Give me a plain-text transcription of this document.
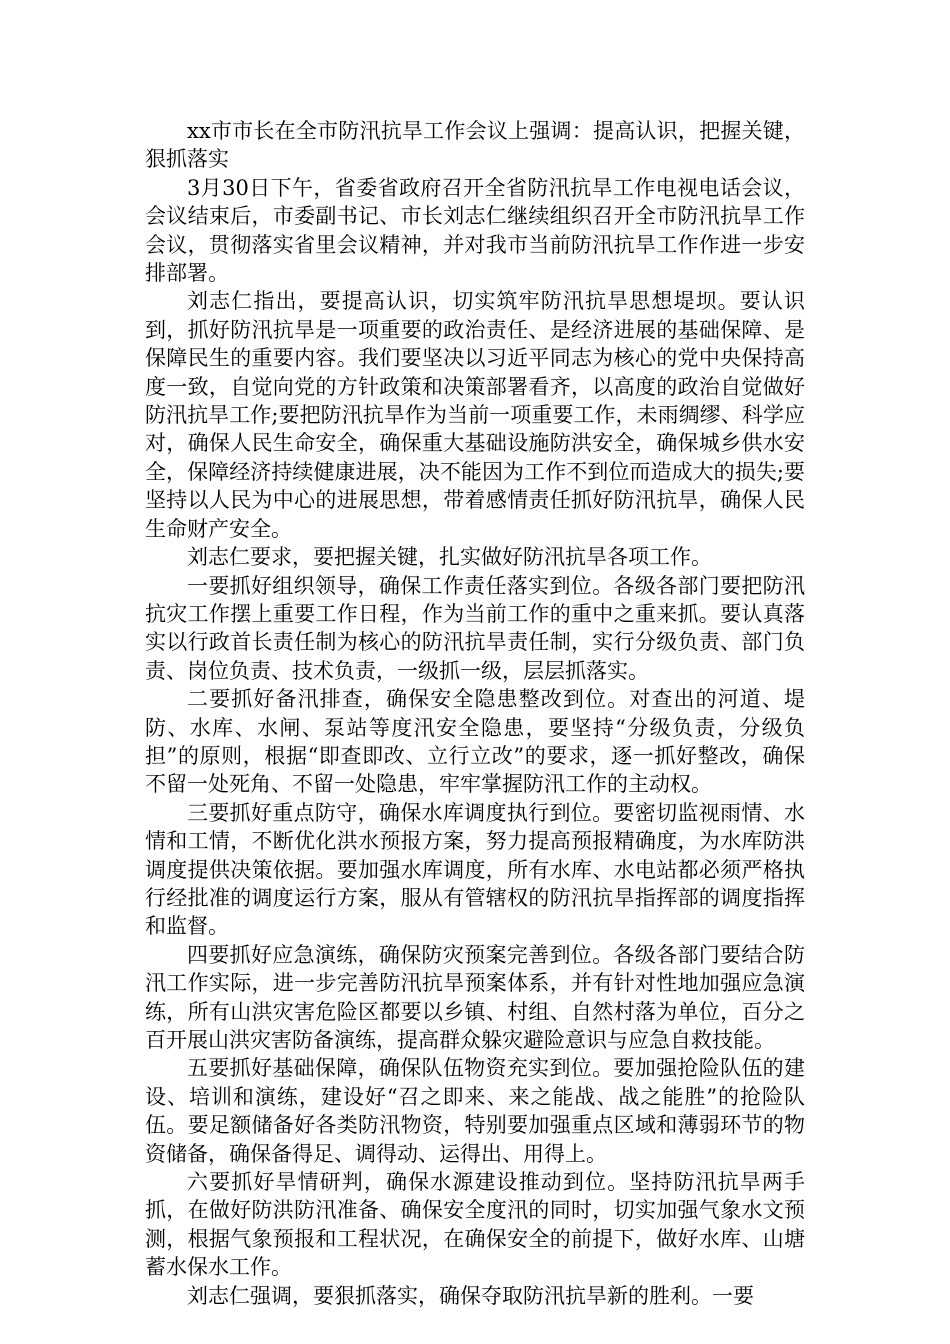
xx市市长在全市防汛抗旱工作会议上强调：提高认识，把握关键，狠抓落实

3月30日下午，省委省政府召开全省防汛抗旱工作电视电话会议，会议结束后，市委副书记、市长刘志仁继续组织召开全市防汛抗旱工作会议，贯彻落实省里会议精神，并对我市当前防汛抗旱工作作进一步安排部署。

刘志仁指出，要提高认识，切实筑牢防汛抗旱思想堤坝。要认识到，抓好防汛抗旱是一项重要的政治责任、是经济进展的基础保障、是保障民生的重要内容。我们要坚决以习近平同志为核心的党中央保持高度一致，自觉向党的方针政策和决策部署看齐，以高度的政治自觉做好防汛抗旱工作;要把防汛抗旱作为当前一项重要工作，未雨绸缪、科学应对，确保人民生命安全，确保重大基础设施防洪安全，确保城乡供水安全，保障经济持续健康进展，决不能因为工作不到位而造成大的损失;要坚持以人民为中心的进展思想，带着感情责任抓好防汛抗旱，确保人民生命财产安全。

刘志仁要求，要把握关键，扎实做好防汛抗旱各项工作。

一要抓好组织领导，确保工作责任落实到位。各级各部门要把防汛抗灾工作摆上重要工作日程，作为当前工作的重中之重来抓。要认真落实以行政首长责任制为核心的防汛抗旱责任制，实行分级负责、部门负责、岗位负责、技术负责，一级抓一级，层层抓落实。

二要抓好备汛排查，确保安全隐患整改到位。对查出的河道、堤防、水库、水闸、泵站等度汛安全隐患，要坚持“分级负责，分级负担”的原则，根据“即查即改、立行立改”的要求，逐一抓好整改，确保不留一处死角、不留一处隐患，牢牢掌握防汛工作的主动权。

三要抓好重点防守，确保水库调度执行到位。要密切监视雨情、水情和工情，不断优化洪水预报方案，努力提高预报精确度，为水库防洪调度提供决策依据。要加强水库调度，所有水库、水电站都必须严格执行经批准的调度运行方案，服从有管辖权的防汛抗旱指挥部的调度指挥和监督。

四要抓好应急演练，确保防灾预案完善到位。各级各部门要结合防汛工作实际，进一步完善防汛抗旱预案体系，并有针对性地加强应急演练，所有山洪灾害危险区都要以乡镇、村组、自然村落为单位，百分之百开展山洪灾害防备演练，提高群众躲灾避险意识与应急自救技能。

五要抓好基础保障，确保队伍物资充实到位。要加强抢险队伍的建设、培训和演练，建设好“召之即来、来之能战、战之能胜”的抢险队伍。要足额储备好各类防汛物资，特别要加强重点区域和薄弱环节的物资储备，确保备得足、调得动、运得出、用得上。

六要抓好旱情研判，确保水源建设推动到位。坚持防汛抗旱两手抓，在做好防洪防汛准备、确保安全度汛的同时，切实加强气象水文预测，根据气象预报和工程状况，在确保安全的前提下，做好水库、山塘蓄水保水工作。

刘志仁强调，要狠抓落实，确保夺取防汛抗旱新的胜利。一要
